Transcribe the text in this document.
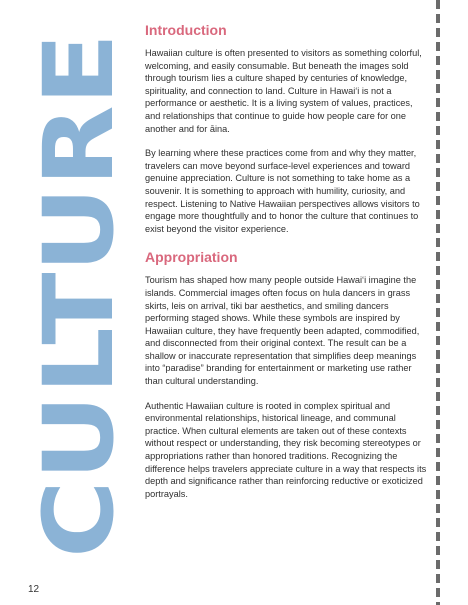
CULTURE
Introduction

Hawaiian culture is often presented to visitors as something colorful, welcoming, and easily consumable. But beneath the images sold through tourism lies a culture shaped by centuries of knowledge, spirituality, and connection to land. Culture in Hawai‘i is not a performance or aesthetic. It is a living system of values, practices, and relationships that continue to guide how people care for one another and for āina.

By learning where these practices come from and why they matter, travelers can move beyond surface-level experiences and toward genuine appreciation. Culture is not something to take home as a souvenir. It is something to approach with humility, curiosity, and respect. Listening to Native Hawaiian perspectives allows visitors to engage more thoughtfully and to honor the culture that continues to exist beyond the visitor experience.

Appropriation

Tourism has shaped how many people outside Hawai‘i imagine the islands. Commercial images often focus on hula dancers in grass skirts, leis on arrival, tiki bar aesthetics, and smiling dancers performing staged shows. While these symbols are inspired by Hawaiian culture, they have frequently been adapted, commodified, and disconnected from their original context. The result can be a shallow or inaccurate representation that simplifies deep meanings into “paradise” branding for entertainment or marketing use rather than cultural understanding.

Authentic Hawaiian culture is rooted in complex spiritual and environmental relationships, historical lineage, and communal practice. When cultural elements are taken out of these contexts without respect or understanding, they risk becoming stereotypes or appropriations rather than honored traditions. Recognizing the difference helps travelers appreciate culture in a way that respects its depth and significance rather than reinforcing reductive or exoticized portrayals.

12
